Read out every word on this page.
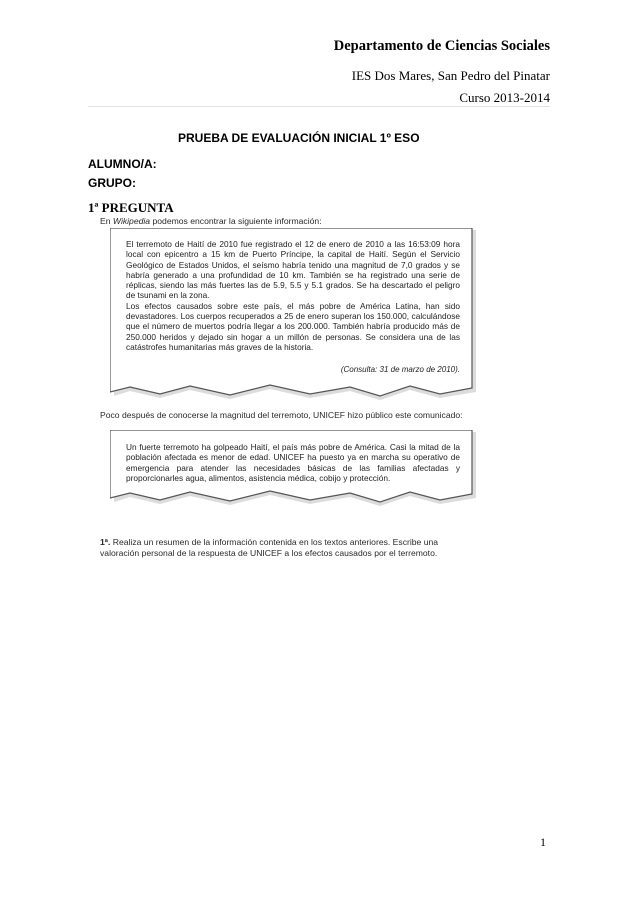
Departamento de Ciencias Sociales
IES Dos Mares, San Pedro del Pinatar
Curso 2013-2014
PRUEBA DE EVALUACIÓN INICIAL 1º ESO
ALUMNO/A:
GRUPO:
1ª PREGUNTA
En Wikipedia podemos encontrar la siguiente información:
El terremoto de Haití de 2010 fue registrado el 12 de enero de 2010 a las 16:53:09 hora local con epicentro a 15 km de Puerto Príncipe, la capital de Haití. Según el Servicio Geológico de Estados Unidos, el seísmo habría tenido una magnitud de 7,0 grados y se habría generado a una profundidad de 10 km. También se ha registrado una serie de réplicas, siendo las más fuertes las de 5.9, 5.5 y 5.1 grados. Se ha descartado el peligro de tsunami en la zona.
Los efectos causados sobre este país, el más pobre de América Latina, han sido devastadores. Los cuerpos recuperados a 25 de enero superan los 150.000, calculándose que el número de muertos podría llegar a los 200.000. También habría producido más de 250.000 heridos y dejado sin hogar a un millón de personas. Se considera una de las catástrofes humanitarias más graves de la historia.
(Consulta: 31 de marzo de 2010).
Poco después de conocerse la magnitud del terremoto, UNICEF hizo público este comunicado:
Un fuerte terremoto ha golpeado Haití, el país más pobre de América. Casi la mitad de la población afectada es menor de edad. UNICEF ha puesto ya en marcha su operativo de emergencia para atender las necesidades básicas de las familias afectadas y proporcionarles agua, alimentos, asistencia médica, cobijo y protección.
1ª. Realiza un resumen de la información contenida en los textos anteriores. Escribe una valoración personal de la respuesta de UNICEF a los efectos causados por el terremoto.
1
